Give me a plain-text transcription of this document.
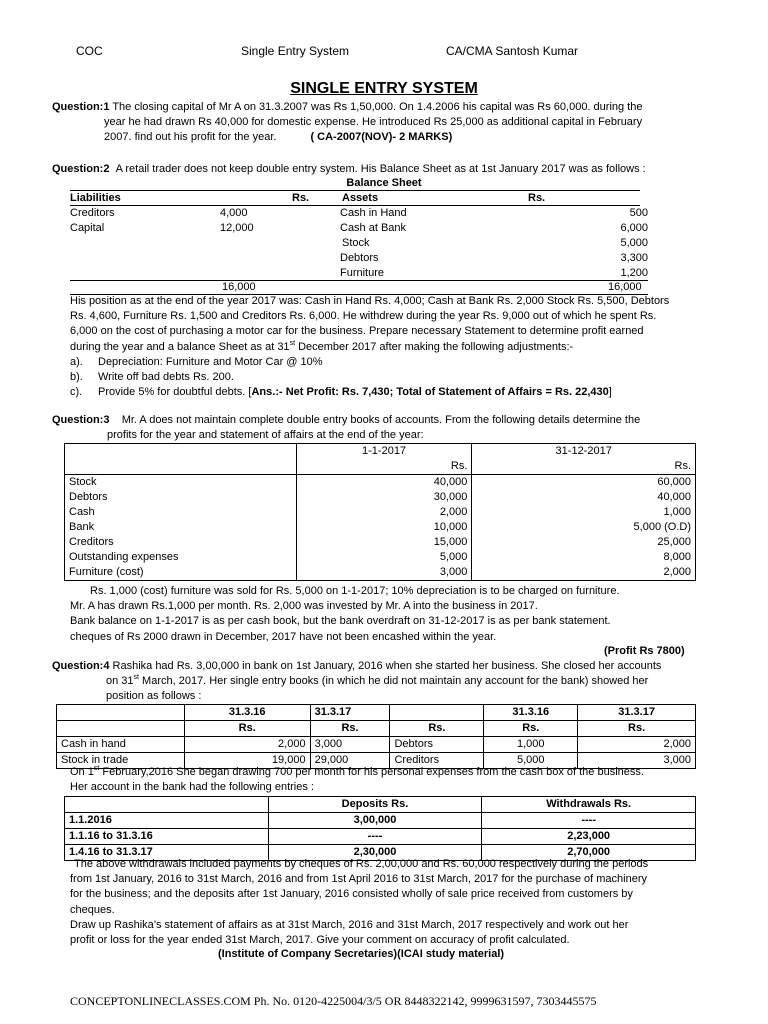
COC	Single Entry System	CA/CMA Santosh Kumar
SINGLE ENTRY SYSTEM
Question:1 The closing capital of Mr A on 31.3.2007 was Rs 1,50,000. On 1.4.2006 his capital was Rs 60,000. during the
year he had drawn Rs 40,000 for domestic expense. He introduced Rs 25,000 as additional capital in February
2007. find out his profit for the year.	( CA-2007(NOV)- 2 MARKS)
Question:2 A retail trader does not keep double entry system. His Balance Sheet as at 1st January 2017 was as follows :
Balance Sheet
Liabilities	Rs.	Assets	Rs.
Creditors	4,000	Cash in Hand	500
Capital	12,000	Cash at Bank	6,000
		Stock	5,000
		Debtors	3,300
		Furniture	1,200
16,000	16,000
His position as at the end of the year 2017 was: Cash in Hand Rs. 4,000; Cash at Bank Rs. 2,000 Stock Rs. 5,500, Debtors
Rs. 4,600, Furniture Rs. 1,500 and Creditors Rs. 6,000. He withdrew during the year Rs. 9,000 out of which he spent Rs.
6,000 on the cost of purchasing a motor car for the business. Prepare necessary Statement to determine profit earned
during the year and a balance Sheet as at 31st December 2017 after making the following adjustments:-
a). Depreciation: Furniture and Motor Car @ 10%
b). Write off bad debts Rs. 200.
c). Provide 5% for doubtful debts. [Ans.:- Net Profit: Rs. 7,430; Total of Statement of Affairs = Rs. 22,430]
Question:3 Mr. A does not maintain complete double entry books of accounts. From the following details determine the
profits for the year and statement of affairs at the end of the year:
	1-1-2017	31-12-2017
	Rs.	Rs.
Stock	40,000	60,000
Debtors	30,000	40,000
Cash	2,000	1,000
Bank	10,000	5,000 (O.D)
Creditors	15,000	25,000
Outstanding expenses	5,000	8,000
Furniture (cost)	3,000	2,000
Rs. 1,000 (cost) furniture was sold for Rs. 5,000 on 1-1-2017; 10% depreciation is to be charged on furniture.
Mr. A has drawn Rs.1,000 per month. Rs. 2,000 was invested by Mr. A into the business in 2017.
Bank balance on 1-1-2017 is as per cash book, but the bank overdraft on 31-12-2017 is as per bank statement.
cheques of Rs 2000 drawn in December, 2017 have not been encashed within the year.
(Profit Rs 7800)
Question:4 Rashika had Rs. 3,00,000 in bank on 1st January, 2016 when she started her business. She closed her accounts
on 31st March, 2017. Her single entry books (in which he did not maintain any account for the bank) showed her
position as follows :
	31.3.16	31.3.17		31.3.16	31.3.17
	Rs.	Rs.	Rs.	Rs.	Rs.
Cash in hand	2,000	3,000	Debtors	1,000	2,000
Stock in trade	19,000	29,000	Creditors	5,000	3,000
On 1st February,2016 She began drawing 700 per month for his personal expenses from the cash box of the business.
Her account in the bank had the following entries :
	Deposits Rs.	Withdrawals Rs.
1.1.2016	3,00,000	----
1.1.16 to 31.3.16	----	2,23,000
1.4.16 to 31.3.17	2,30,000	2,70,000
The above withdrawals included payments by cheques of Rs. 2,00,000 and Rs. 60,000 respectively during the periods
from 1st January, 2016 to 31st March, 2016 and from 1st April 2016 to 31st March, 2017 for the purchase of machinery
for the business; and the deposits after 1st January, 2016 consisted wholly of sale price received from customers by
cheques.
Draw up Rashika’s statement of affairs as at 31st March, 2016 and 31st March, 2017 respectively and work out her
profit or loss for the year ended 31st March, 2017. Give your comment on accuracy of profit calculated.
(Institute of Company Secretaries)(ICAI study material)
CONCEPTONLINECLASSES.COM Ph. No. 0120-4225004/3/5 OR 8448322142, 9999631597, 7303445575
